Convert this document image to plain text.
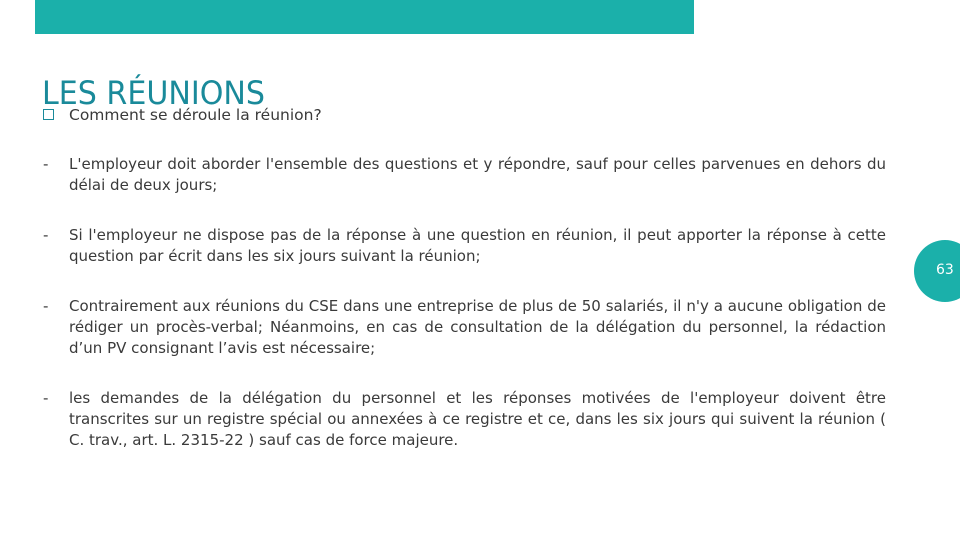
LES RÉUNIONS
Comment se déroule la réunion?
- L'employeur doit aborder l'ensemble des questions et y répondre, sauf pour celles parvenues en dehors du délai de deux jours;
- Si l'employeur ne dispose pas de la réponse à une question en réunion, il peut apporter la réponse à cette question par écrit dans les six jours suivant la réunion;
- Contrairement aux réunions du CSE dans une entreprise de plus de 50 salariés, il n'y a aucune obligation de rédiger un procès-verbal; Néanmoins, en cas de consultation de la délégation du personnel, la rédaction d’un PV consignant l’avis est nécessaire;
- les demandes de la délégation du personnel et les réponses motivées de l'employeur doivent être transcrites sur un registre spécial ou annexées à ce registre et ce, dans les six jours qui suivent la réunion ( C. trav., art. L. 2315-22 ) sauf cas de force majeure.
63
